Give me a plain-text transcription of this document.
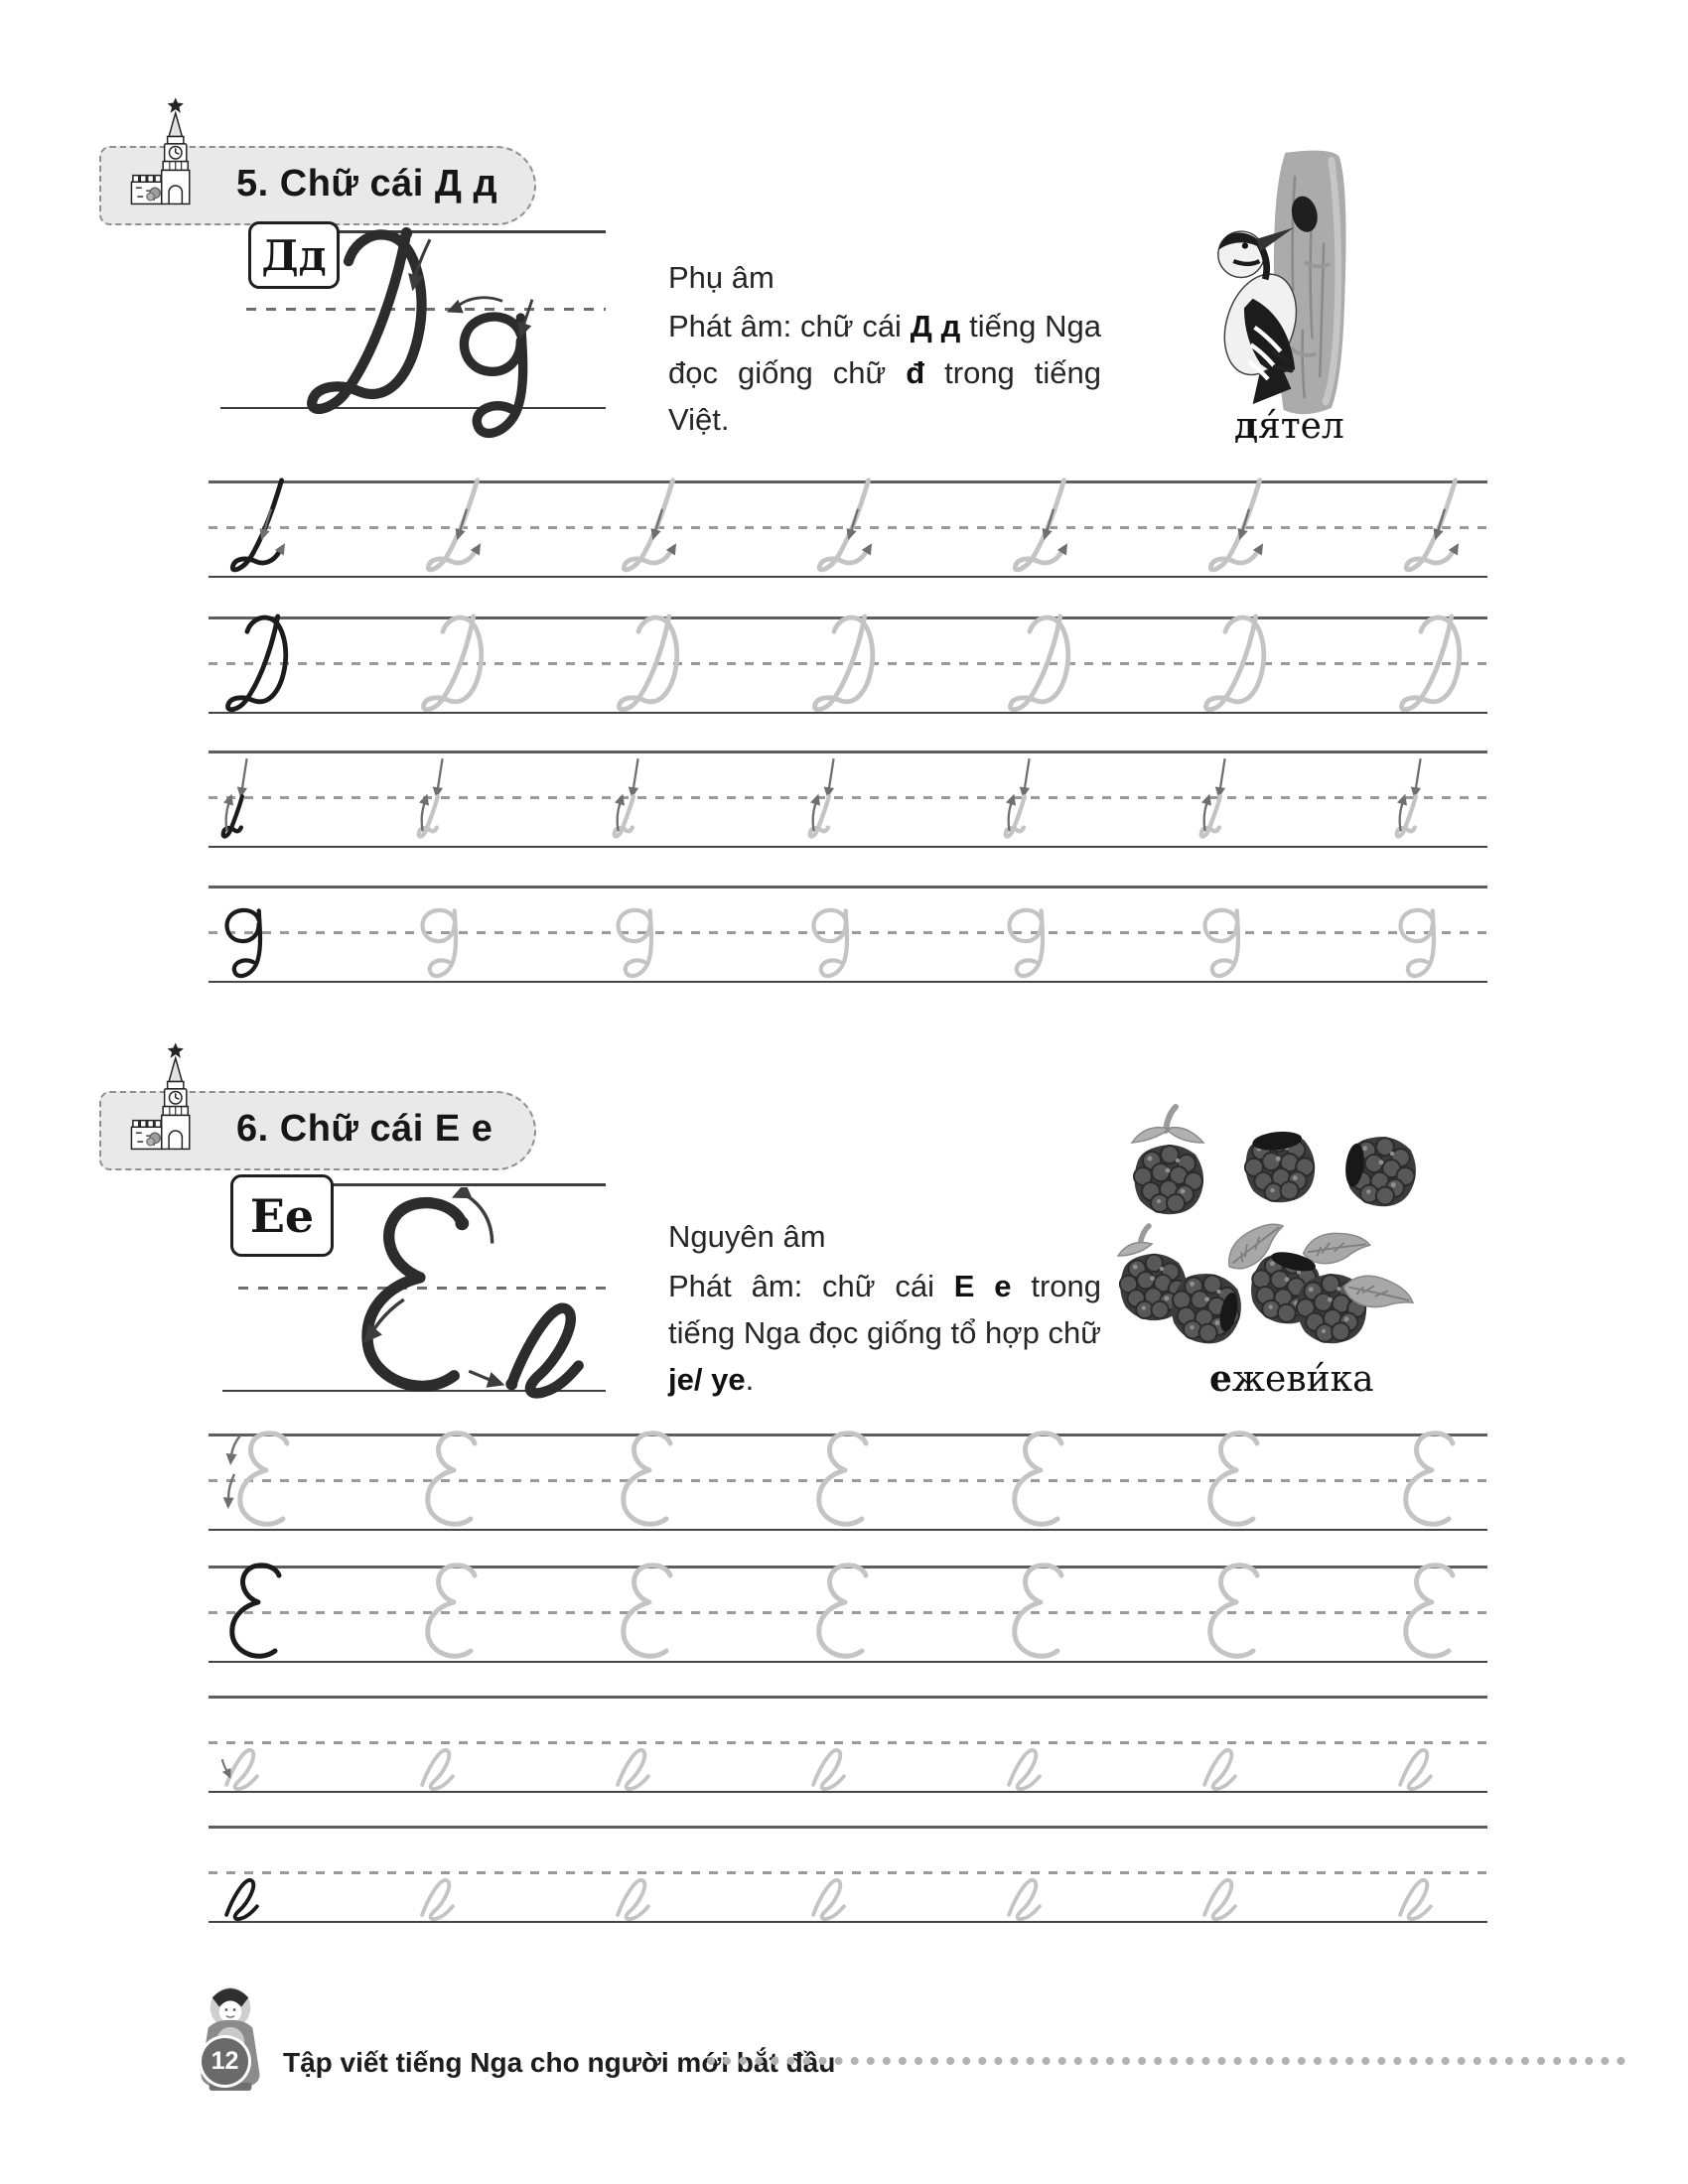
5. Chữ cái Д д
Дд	Phụ âm

Phát âm: chữ cái Д д tiếng Nga đọc giống chữ đ trong tiếng Việt.	дя́тел
6. Chữ cái E e
Ee	Nguyên âm

Phát âm: chữ cái E e trong tiếng Nga đọc giống tổ hợp chữ je/ ye.	ежеви́ка
12	Tập viết tiếng Nga cho người mới bắt đầu
